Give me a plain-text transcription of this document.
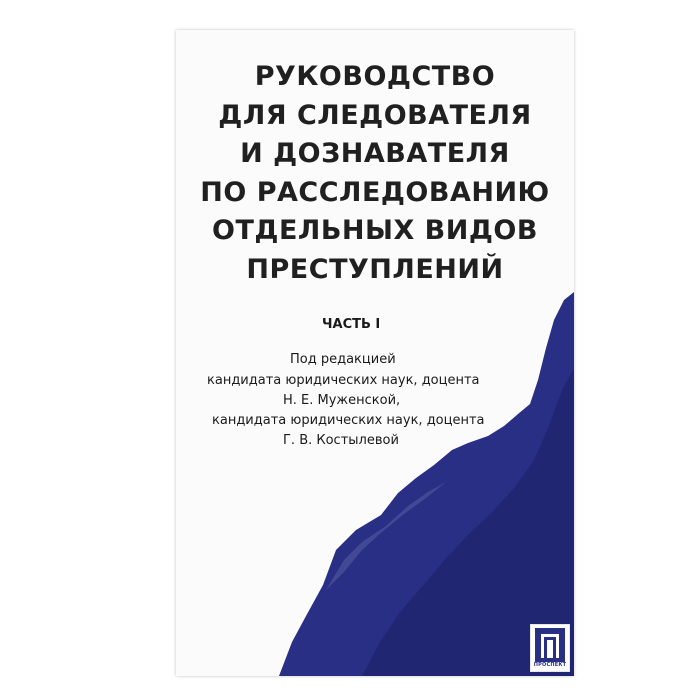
РУКОВОДСТВО
ДЛЯ СЛЕДОВАТЕЛЯ
И ДОЗНАВАТЕЛЯ
ПО РАССЛЕДОВАНИЮ
ОТДЕЛЬНЫХ ВИДОВ
ПРЕСТУПЛЕНИЙ
ЧАСТЬ I
Под редакцией
кандидата юридических наук, доцента
Н. Е. Муженской,
кандидата юридических наук, доцента
Г. В. Костылевой
ПРОСПЕКТ
